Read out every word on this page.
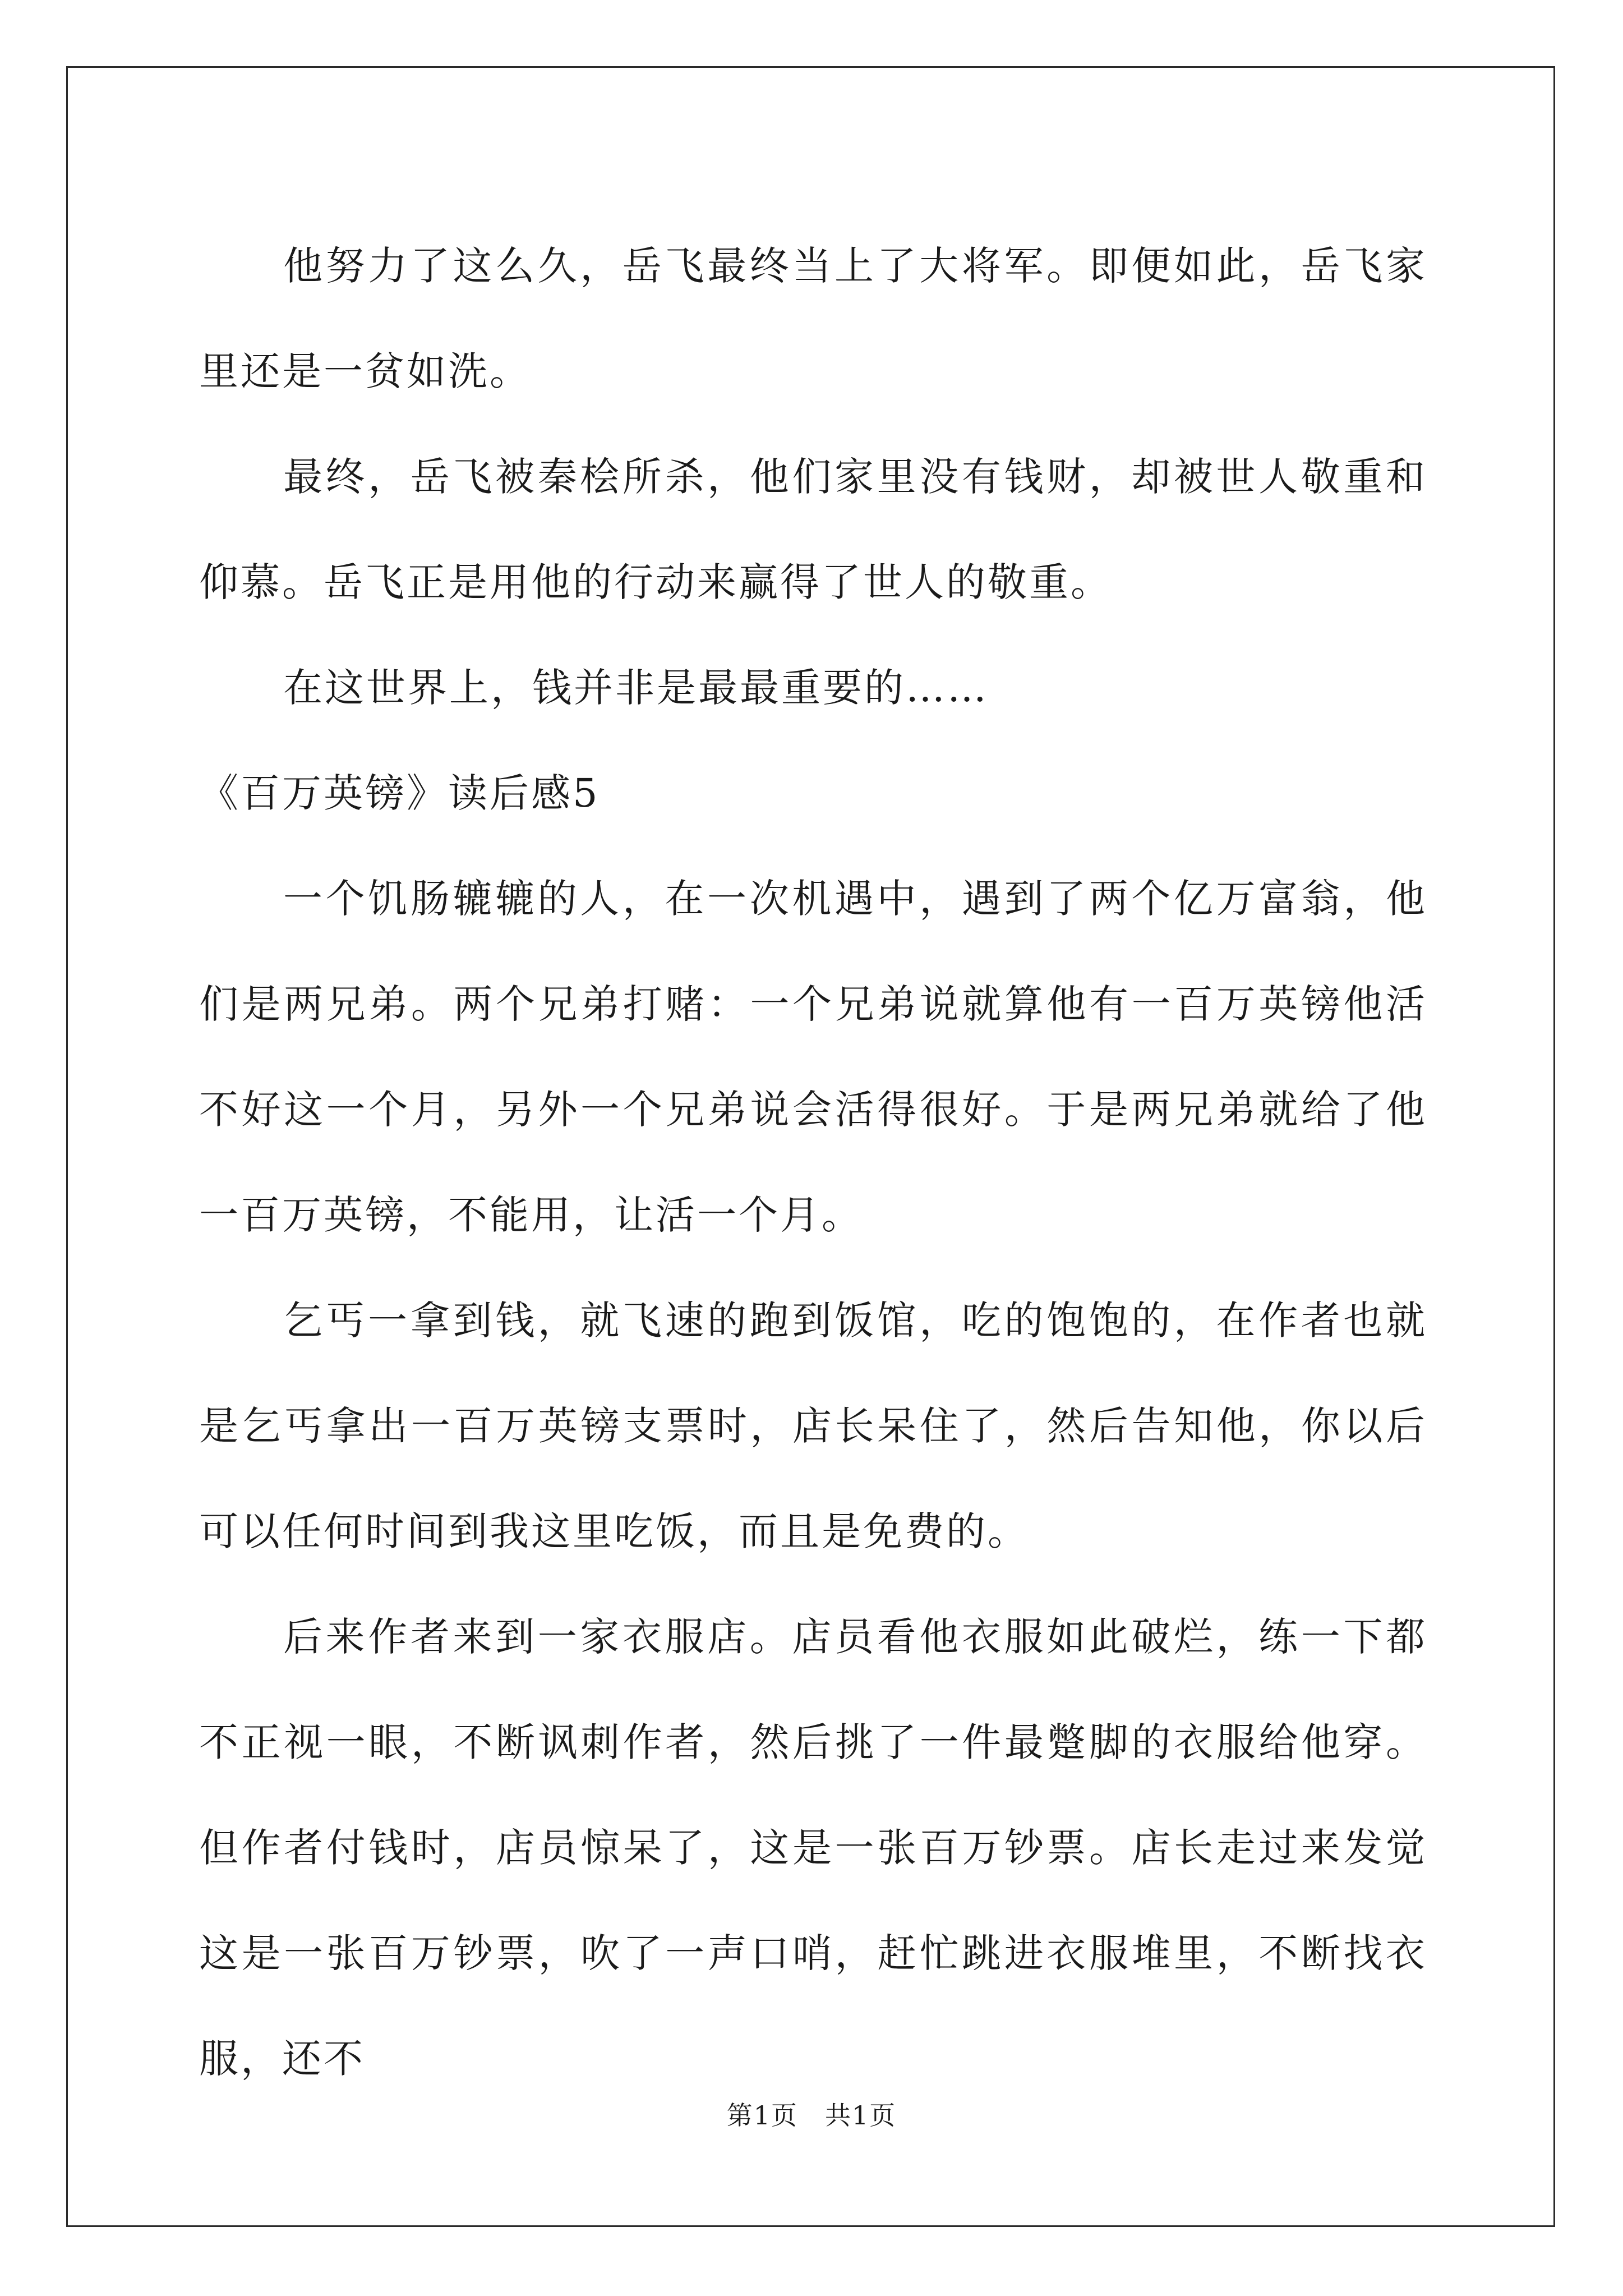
他努力了这么久，岳飞最终当上了大将军。即便如此，岳飞家里还是一贫如洗。

最终，岳飞被秦桧所杀，他们家里没有钱财，却被世人敬重和仰慕。岳飞正是用他的行动来赢得了世人的敬重。

在这世界上，钱并非是最最重要的……

《百万英镑》读后感5

一个饥肠辘辘的人，在一次机遇中，遇到了两个亿万富翁，他们是两兄弟。两个兄弟打赌：一个兄弟说就算他有一百万英镑他活不好这一个月，另外一个兄弟说会活得很好。于是两兄弟就给了他一百万英镑，不能用，让活一个月。

乞丐一拿到钱，就飞速的跑到饭馆，吃的饱饱的，在作者也就是乞丐拿出一百万英镑支票时，店长呆住了，然后告知他，你以后可以任何时间到我这里吃饭，而且是免费的。

后来作者来到一家衣服店。店员看他衣服如此破烂，练一下都不正视一眼，不断讽刺作者，然后挑了一件最蹩脚的衣服给他穿。但作者付钱时，店员惊呆了，这是一张百万钞票。店长走过来发觉这是一张百万钞票，吹了一声口哨，赶忙跳进衣服堆里，不断找衣服，还不

第1页　共1页
